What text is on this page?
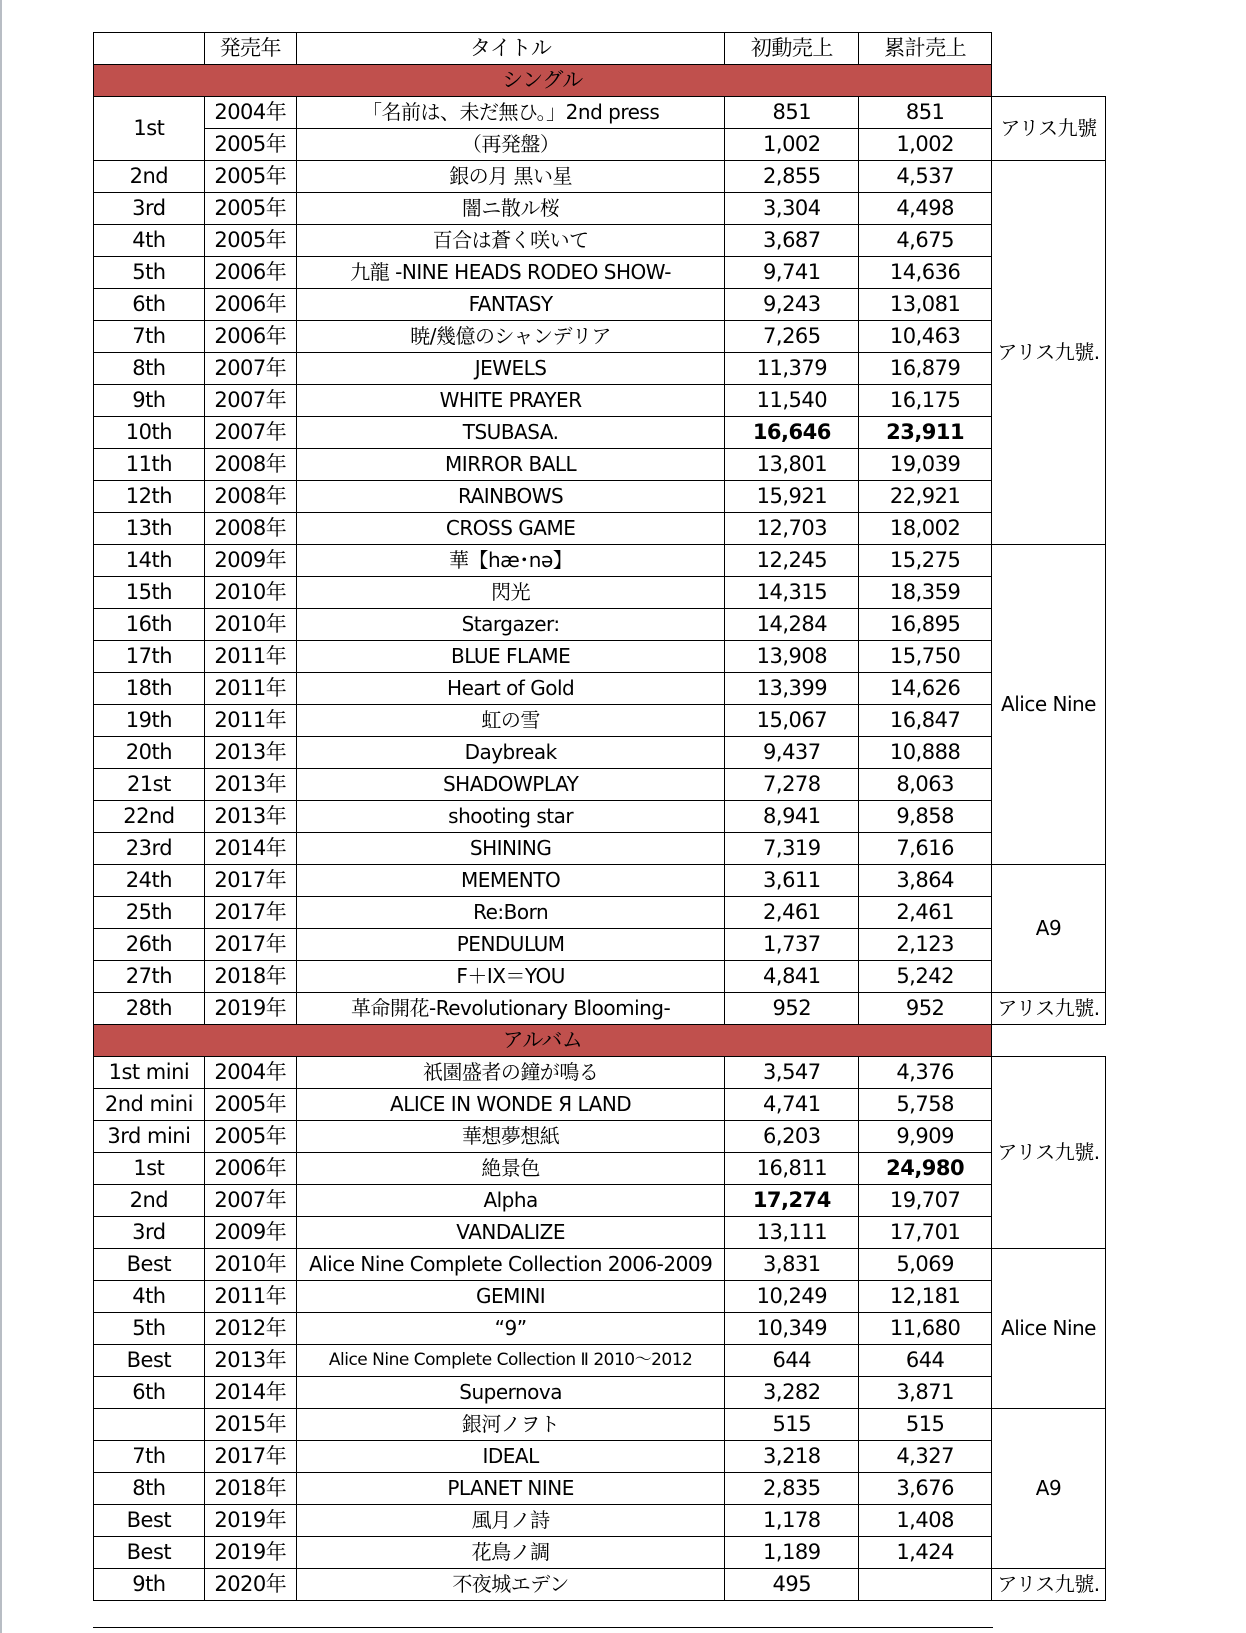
	発売年	タイトル	初動売上	累計売上	
シングル					
1st	2004年	「名前は、未だ無ひ。」2nd press	851	851	アリス九號
	2005年	（再発盤）	1,002	1,002	
2nd	2005年	銀の月 黒い星	2,855	4,537	アリス九號.
3rd	2005年	闇ニ散ル桜	3,304	4,498	
4th	2005年	百合は蒼く咲いて	3,687	4,675	
5th	2006年	九龍 -NINE HEADS RODEO SHOW-	9,741	14,636	
6th	2006年	FANTASY	9,243	13,081	
7th	2006年	暁/幾億のシャンデリア	7,265	10,463	
8th	2007年	JEWELS	11,379	16,879	
9th	2007年	WHITE PRAYER	11,540	16,175	
10th	2007年	TSUBASA.	16,646	23,911	
11th	2008年	MIRROR BALL	13,801	19,039	
12th	2008年	RAINBOWS	15,921	22,921	
13th	2008年	CROSS GAME	12,703	18,002	
14th	2009年	華【hæ･nə】	12,245	15,275	Alice Nine
15th	2010年	閃光	14,315	18,359	
16th	2010年	Stargazer:	14,284	16,895	
17th	2011年	BLUE FLAME	13,908	15,750	
18th	2011年	Heart of Gold	13,399	14,626	
19th	2011年	虹の雪	15,067	16,847	
20th	2013年	Daybreak	9,437	10,888	
21st	2013年	SHADOWPLAY	7,278	8,063	
22nd	2013年	shooting star	8,941	9,858	
23rd	2014年	SHINING	7,319	7,616	
24th	2017年	MEMENTO	3,611	3,864	A9
25th	2017年	Re:Born	2,461	2,461	
26th	2017年	PENDULUM	1,737	2,123	
27th	2018年	F＋IX＝YOU	4,841	5,242	
28th	2019年	革命開花-Revolutionary Blooming-	952	952	アリス九號.
アルバム					
1st mini	2004年	祇園盛者の鐘が鳴る	3,547	4,376	アリス九號.
2nd mini	2005年	ALICE IN WONDE Я LAND	4,741	5,758	
3rd mini	2005年	華想夢想紙	6,203	9,909	
1st	2006年	絶景色	16,811	24,980	
2nd	2007年	Alpha	17,274	19,707	
3rd	2009年	VANDALIZE	13,111	17,701	
Best	2010年	Alice Nine Complete Collection 2006-2009	3,831	5,069	Alice Nine
4th	2011年	GEMINI	10,249	12,181	
5th	2012年	“9”	10,349	11,680	
Best	2013年	Alice Nine Complete Collection Ⅱ 2010～2012	644	644	
6th	2014年	Supernova	3,282	3,871	
	2015年	銀河ノヲト	515	515	A9
7th	2017年	IDEAL	3,218	4,327	
8th	2018年	PLANET NINE	2,835	3,676	
Best	2019年	風月ノ詩	1,178	1,408	
Best	2019年	花鳥ノ調	1,189	1,424	
9th	2020年	不夜城エデン	495		アリス九號.
